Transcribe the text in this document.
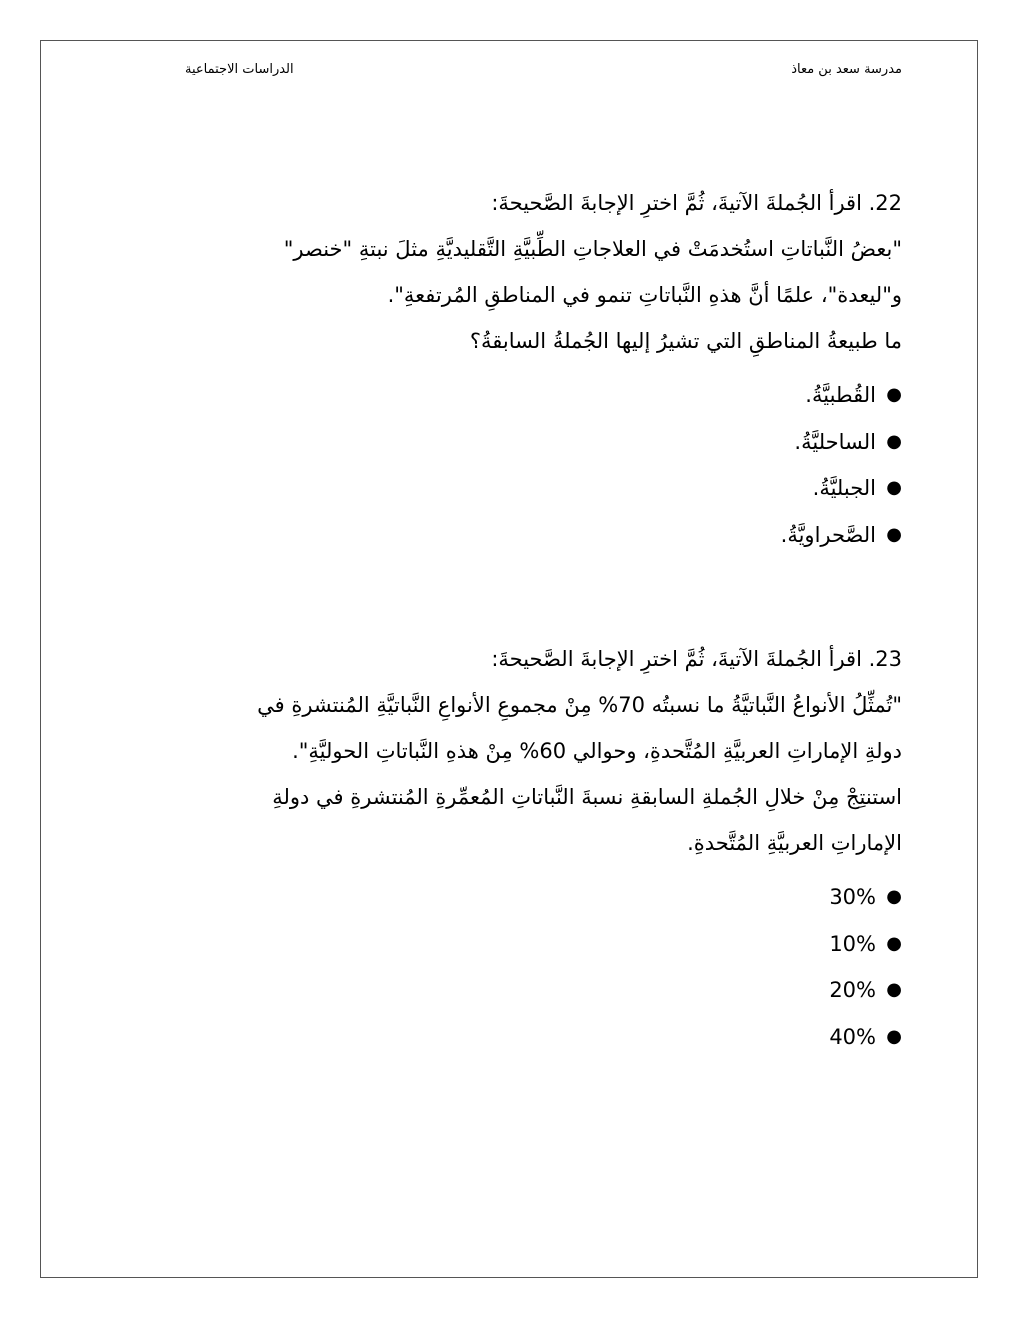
مدرسة سعد بن معاذ
الدراسات الاجتماعية
22. اقرأ الجُملةَ الآتيةَ، ثُمَّ اخترِ الإجابةَ الصَّحيحةَ:
"بعضُ النَّباتاتِ استُخدمَتْ في العلاجاتِ الطِّبيَّةِ التَّقليديَّةِ مثلَ نبتةِ "خنصر"
و"ليعدة"، علمًا أنَّ هذهِ النَّباتاتِ تنمو في المناطقِ المُرتفعةِ".
ما طبيعةُ المناطقِ التي تشيرُ إليها الجُملةُ السابقةُ؟
●
القُطبيَّةُ.
●
الساحليَّةُ.
●
الجبليَّةُ.
●
الصَّحراويَّةُ.
23. اقرأ الجُملةَ الآتيةَ، ثُمَّ اخترِ الإجابةَ الصَّحيحةَ:
"تُمثِّلُ الأنواعُ النَّباتيَّةُ ما نسبتُه 70% مِنْ مجموعِ الأنواعِ النَّباتيَّةِ المُنتشرةِ في
دولةِ الإماراتِ العربيَّةِ المُتَّحدةِ، وحوالي 60% مِنْ هذهِ النَّباتاتِ الحوليَّةِ".
استنتِجْ مِنْ خلالِ الجُملةِ السابقةِ نسبةَ النَّباتاتِ المُعمِّرةِ المُنتشرةِ في دولةِ
الإماراتِ العربيَّةِ المُتَّحدةِ.
●
30%
●
10%
●
20%
●
40%
